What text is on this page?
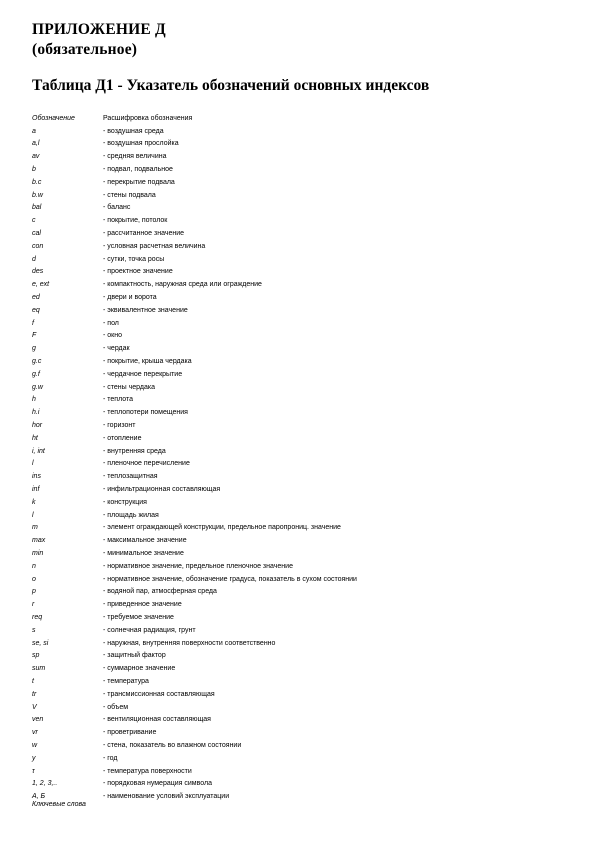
ПРИЛОЖЕНИЕ Д
(обязательное)
Таблица Д1 - Указатель обозначений основных индексов
Обозначение	Расшифровка обозначения
a	- воздушная среда
a,l	- воздушная прослойка
av	- средняя величина
b	- подвал, подвальное
b.c	- перекрытие подвала
b.w	- стены подвала
bal	- баланс
c	- покрытие, потолок
cal	- рассчитанное значение
con	- условная расчетная величина
d	- сутки, точка росы
des	- проектное значение
e, ext	- компактность, наружная среда или ограждение
ed	- двери и ворота
eq	- эквивалентное значение
f	- пол
F	- окно
g	- чердак
g.c	- покрытие, крыша чердака
g.f	- чердачное перекрытие
g.w	- стены чердака
h	- теплота
h.i	- теплопотери помещения
hor	- горизонт
ht	- отопление
i, int	- внутренняя среда
l	- пленочное перечисление
ins	- теплозащитная
inf	- инфильтрационная составляющая
k	- конструкция
l	- площадь жилая
m	- элемент ограждающей конструкции, предельное паропрониц. значение
max	- максимальное значение
min	- минимальное значение
n	- нормативное значение, предельное пленочное значение
o	- нормативное значение, обозначение градуса, показатель в сухом состоянии
p	- водяной пар, атмосферная среда
r	- приведенное значение
req	- требуемое значение
s	- солнечная радиация, грунт
se, si	- наружная, внутренняя поверхности соответственно
sp	- защитный фактор
sum	- суммарное значение
t	- температура
tr	- трансмиссионная составляющая
V	- объем
ven	- вентиляционная составляющая
vr	- проветривание
w	- стена, показатель во влажном состоянии
y	- год
τ	- температура поверхности
1, 2, 3,..	- порядковая нумерация символа
A, Б	- наименование условий эксплуатации
Ключевые слова
